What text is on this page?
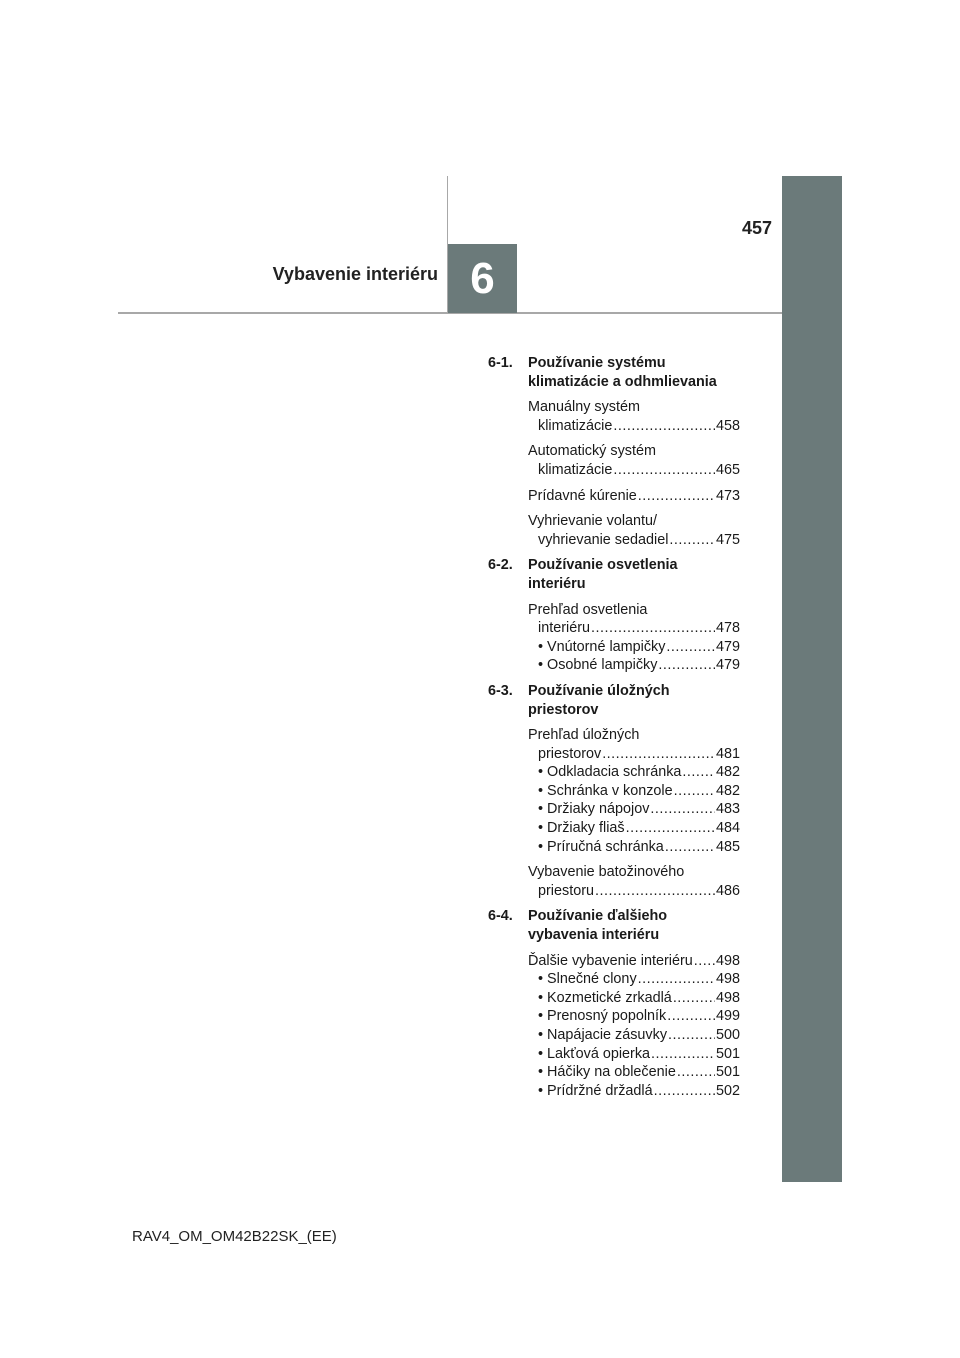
6
457
Vybavenie interiéru
6-1.	Používanie systému
klimatizácie a odhmlievania
Manuálny systém
klimatizácie .....	458
Automatický systém
klimatizácie .....	465
Prídavné kúrenie .....	473
Vyhrievanie volantu/
vyhrievanie sedadiel .....	475
6-2.	Používanie osvetlenia
interiéru
Prehľad osvetlenia
interiéru .....	478
• Vnútorné lampičky .....	479
• Osobné lampičky .....	479
6-3.	Používanie úložných
priestorov
Prehľad úložných
priestorov .....	481
• Odkladacia schránka ..... 482
• Schránka v konzole .....	482
• Držiaky nápojov .....	483
• Držiaky fliaš .....	484
• Príručná schránka .....	485
Vybavenie batožinového
priestoru .....	486
6-4.	Používanie ďalšieho
vybavenia interiéru
Ďalšie vybavenie interiéru ..... 498
• Slnečné clony .....	498
• Kozmetické zrkadlá .....	498
• Prenosný popolník .....	499
• Napájacie zásuvky .....	500
• Lakťová opierka .....	501
• Háčiky na oblečenie .....	501
• Prídržné držadlá .....	502
RAV4_OM_OM42B22SK_(EE)
